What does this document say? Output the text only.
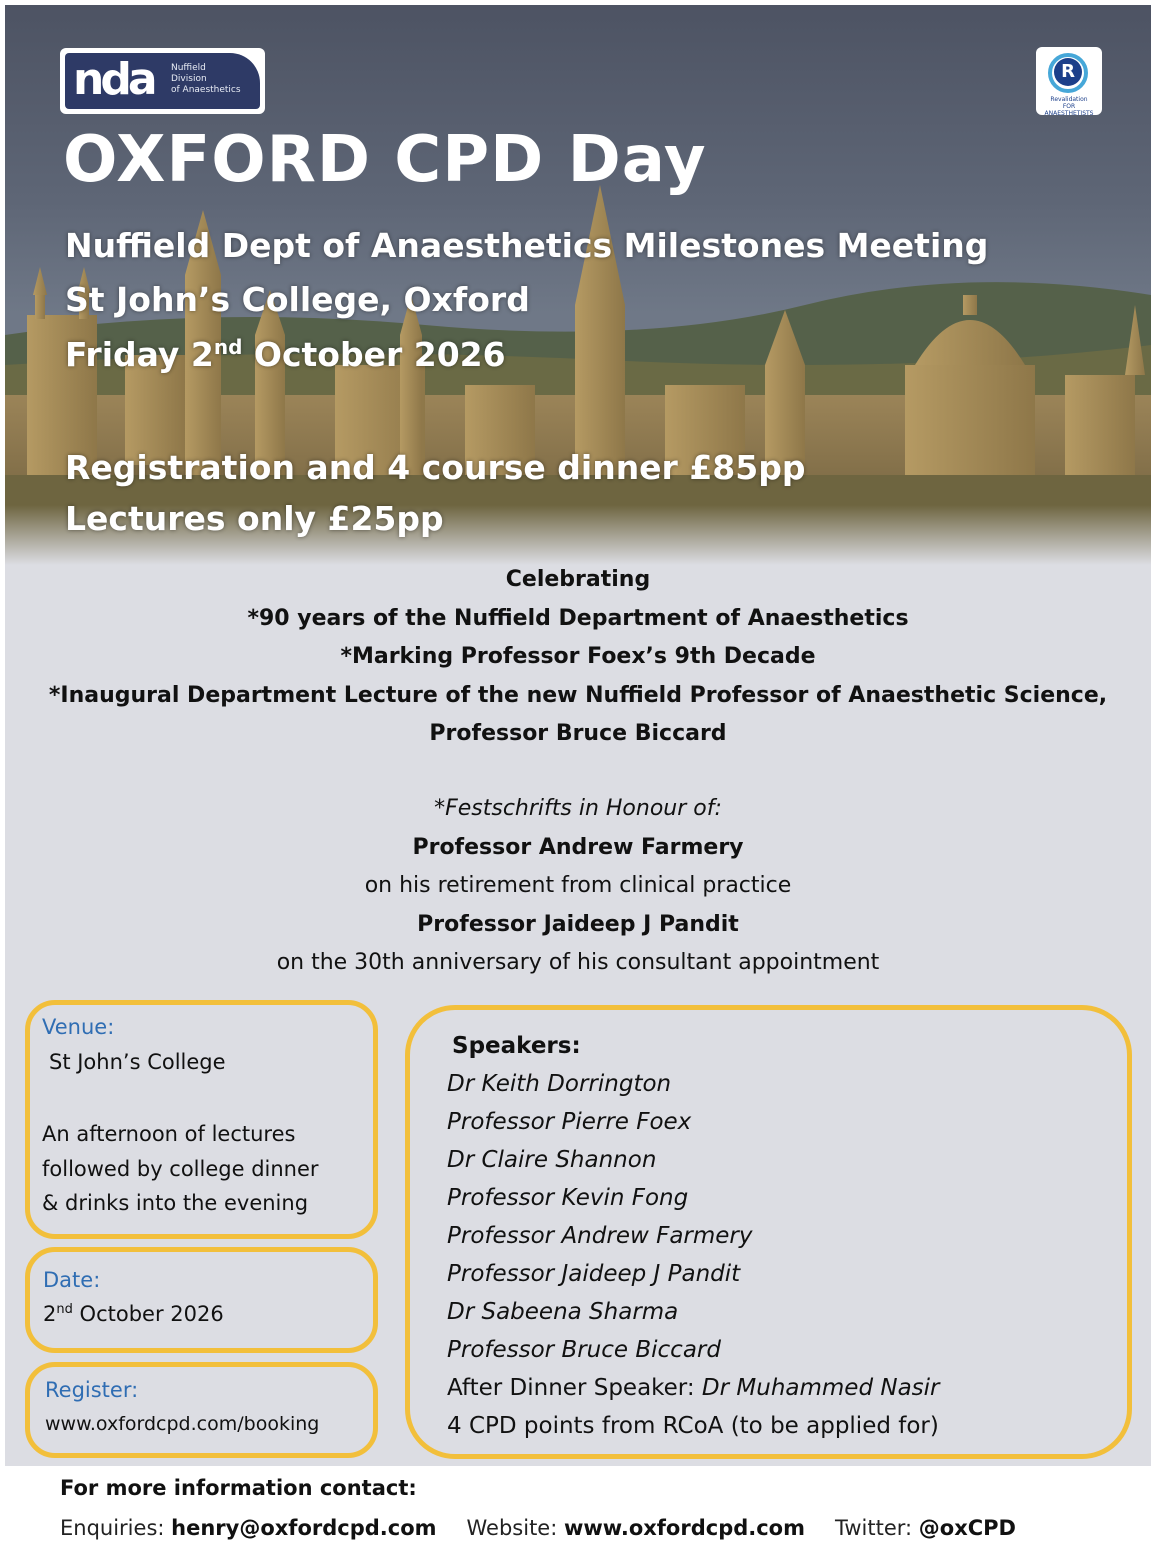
nda Nuffield
Division
of Anaesthetics
R
Revalidation
FOR ANAESTHETISTS
OXFORD CPD Day
Nuffield Dept of Anaesthetics Milestones Meeting
St John’s College, Oxford
Friday 2nd October 2026
Registration and 4 course dinner £85pp
Lectures only £25pp
Celebrating
*90 years of the Nuffield Department of Anaesthetics
*Marking Professor Foex’s 9th Decade
*Inaugural Department Lecture of the new Nuffield Professor of Anaesthetic Science,
Professor Bruce Biccard
*Festschrifts in Honour of:
Professor Andrew Farmery
on his retirement from clinical practice
Professor Jaideep J Pandit
on the 30th anniversary of his consultant appointment
Venue:
St John’s College
An afternoon of lectures
followed by college dinner
& drinks into the evening
Date:
2nd October 2026
Register:
www.oxfordcpd.com/booking
Speakers:
Dr Keith Dorrington
Professor Pierre Foex
Dr Claire Shannon
Professor Kevin Fong
Professor Andrew Farmery
Professor Jaideep J Pandit
Dr Sabeena Sharma
Professor Bruce Biccard
After Dinner Speaker: Dr Muhammed Nasir
4 CPD points from RCoA (to be applied for)
For more information contact:
Enquiries: henry@oxfordcpd.com Website: www.oxfordcpd.com Twitter: @oxCPD
